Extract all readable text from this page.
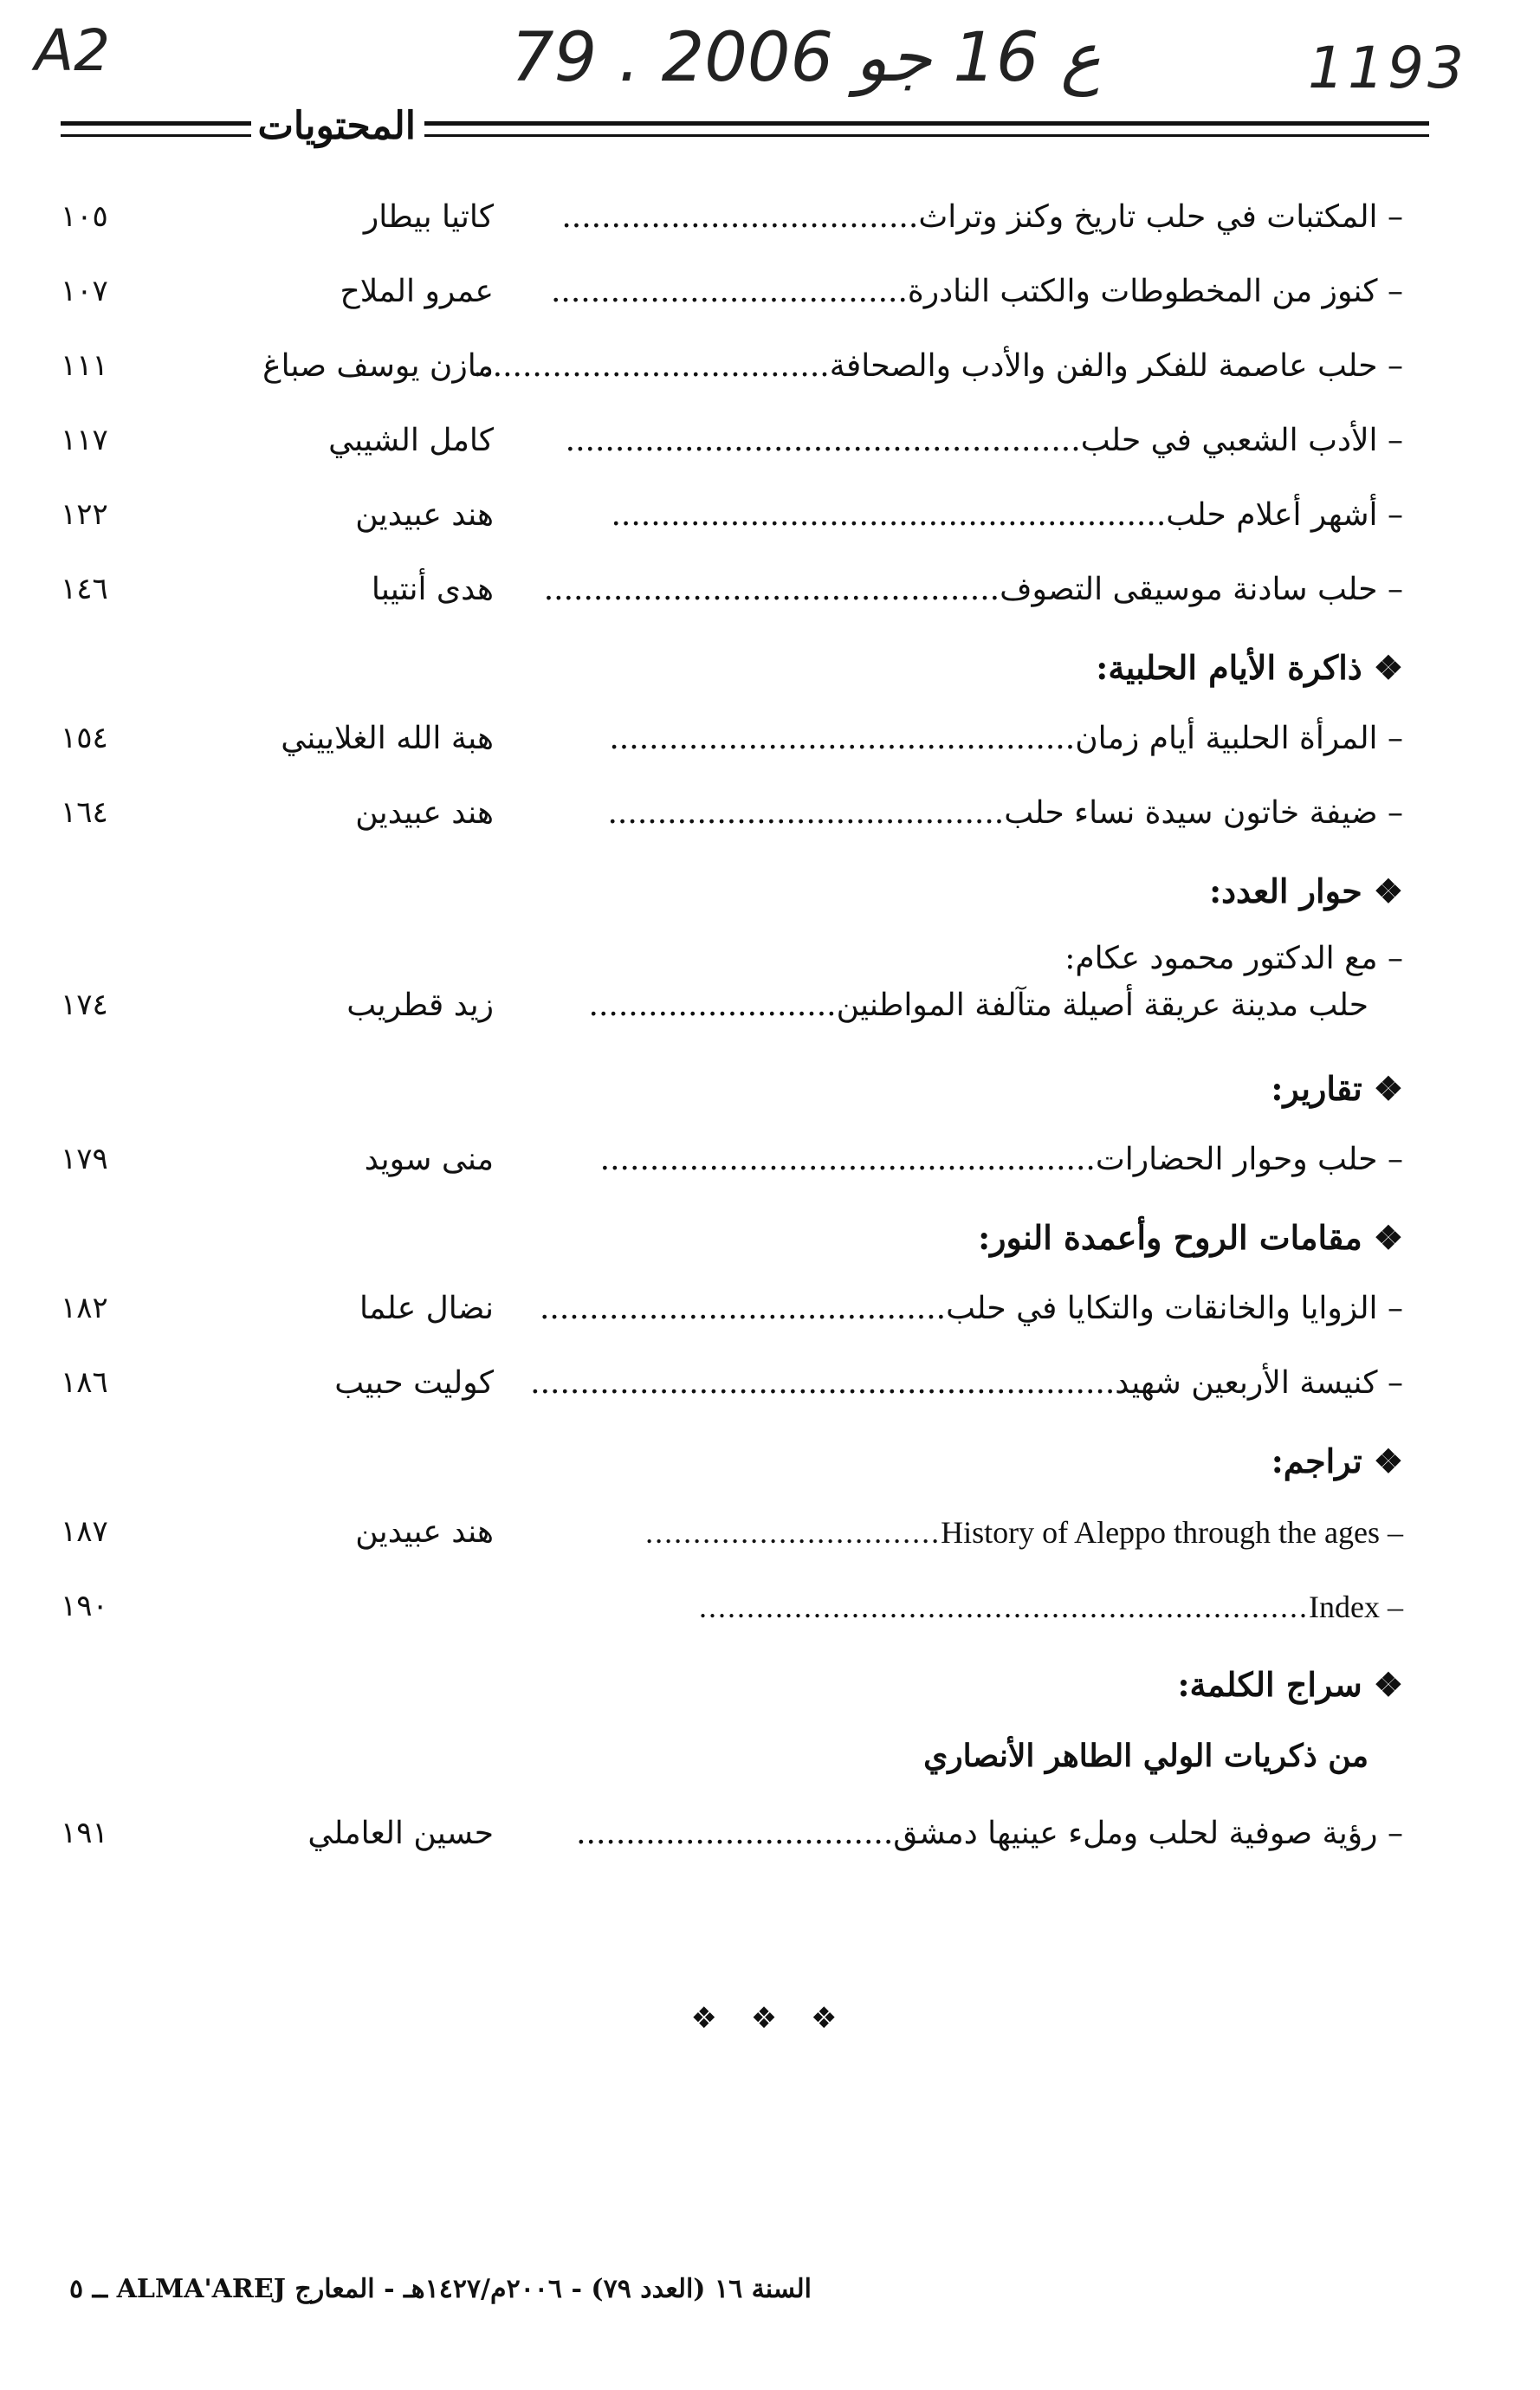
A2	79 . ع 16 جو 2006	1193
المحتويات
– المكتبات في حلب تاريخ وكنز وتراث....................................
كاتيا بيطار
١٠٥
– كنوز من المخطوطات والكتب النادرة....................................
عمرو الملاح
١٠٧
– حلب عاصمة للفكر والفن والأدب والصحافة....................................
مازن يوسف صباغ
١١١
– الأدب الشعبي في حلب....................................................
كامل الشيبي
١١٧
– أشهر أعلام حلب........................................................
هند عبيدين
١٢٢
– حلب سادنة موسيقى التصوف..............................................
هدى أنتيبا
١٤٦
❖ ذاكرة الأيام الحلبية:
– المرأة الحلبية أيام زمان...............................................
هبة الله الغلاييني
١٥٤
– ضيفة خاتون سيدة نساء حلب........................................
هند عبيدين
١٦٤
❖ حوار العدد:
– مع الدكتور محمود عكام:
حلب مدينة عريقة أصيلة متآلفة المواطنين.........................
زيد قطريب
١٧٤
❖ تقارير:
– حلب وحوار الحضارات..................................................
منى سويد
١٧٩
❖ مقامات الروح وأعمدة النور:
– الزوايا والخانقات والتكايا في حلب.........................................
نضال علما
١٨٢
– كنيسة الأربعين شهيد...........................................................
كوليت حبيب
١٨٦
❖ تراجم:
...............................History of Aleppo through the ages –
هند عبيدين
١٨٧
................................................................Index –
١٩٠
❖ سراج الكلمة:
من ذكريات الولي الطاهر الأنصاري
– رؤية صوفية لحلب وملء عينيها دمشق................................
حسين العاملي
١٩١
❖ ❖ ❖
السنة ١٦ (العدد ٧٩) - ٢٠٠٦م/١٤٢٧هـ - المعارج ALMA'AREJ ــ ٥
